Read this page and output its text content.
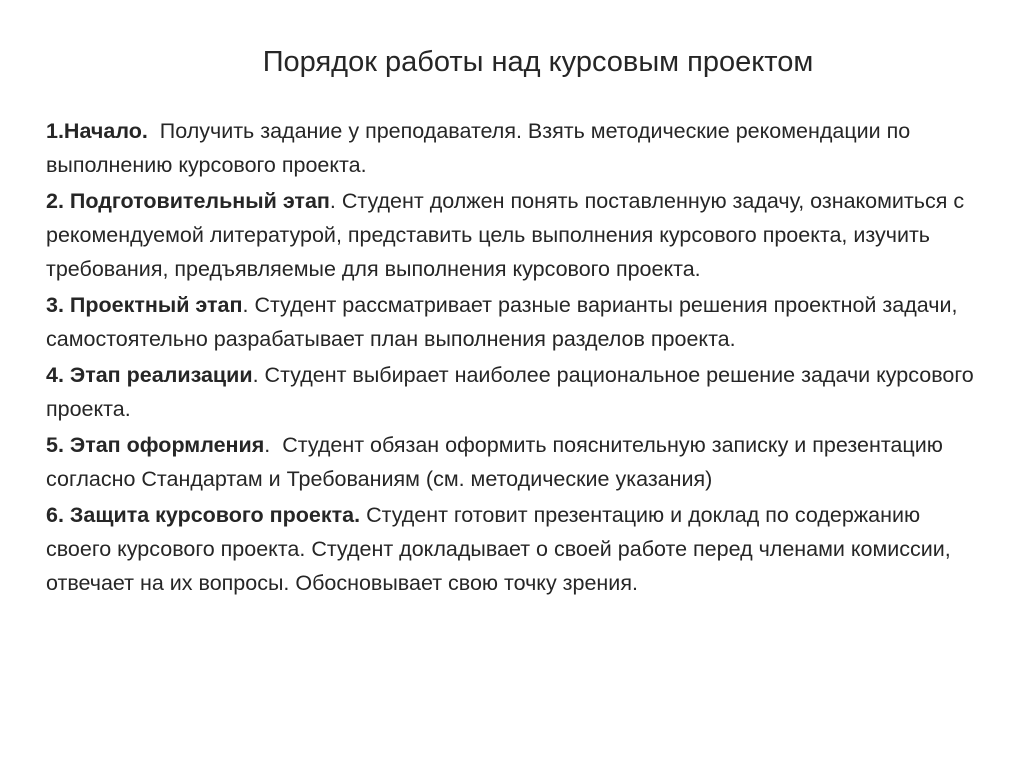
Порядок работы над курсовым проектом
1.Начало. Получить задание у преподавателя. Взять методические рекомендации по выполнению курсового проекта.
2. Подготовительный этап. Студент должен понять поставленную задачу, ознакомиться с рекомендуемой литературой, представить цель выполнения курсового проекта, изучить требования, предъявляемые для выполнения курсового проекта.
3. Проектный этап. Студент рассматривает разные варианты решения проектной задачи, самостоятельно разрабатывает план выполнения разделов проекта.
4. Этап реализации. Студент выбирает наиболее рациональное решение задачи курсового проекта.
5. Этап оформления.  Студент обязан оформить пояснительную записку и презентацию согласно Стандартам и Требованиям (см. методические указания)
6. Защита курсового проекта. Студент готовит презентацию и доклад по содержанию своего курсового проекта. Студент докладывает о своей работе перед членами комиссии, отвечает на их вопросы. Обосновывает свою точку зрения.
